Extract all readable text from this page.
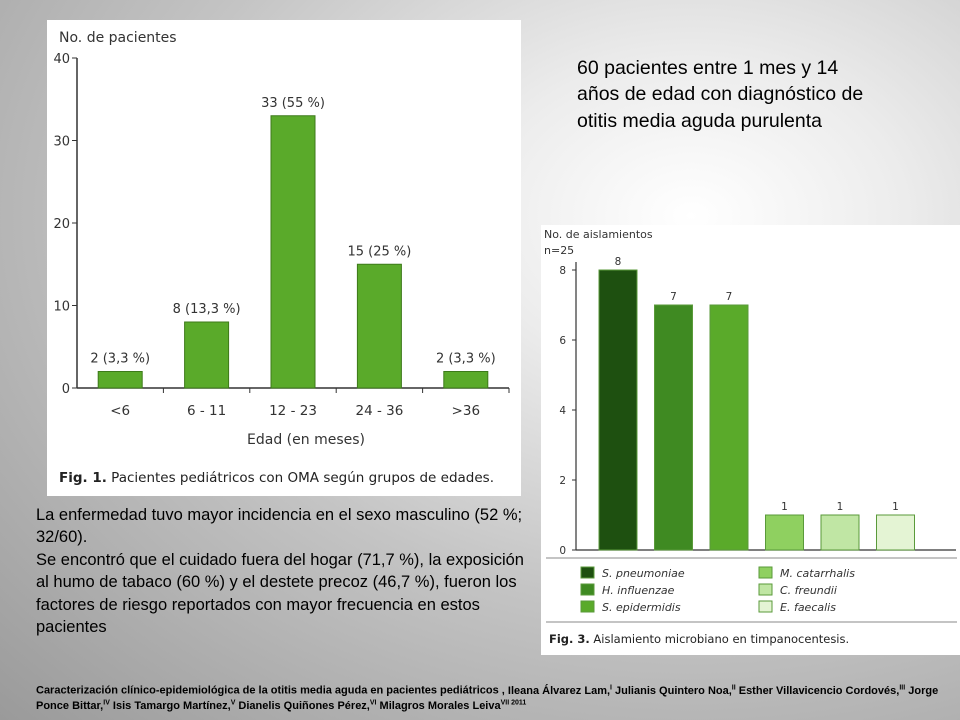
No. de pacientes
Edad (en meses)
Fig. 1. Pacientes pediátricos con OMA según grupos de edades.
0
10
20
30
40
2 (3,3 %)
<6
8 (13,3 %)
6 - 11
33 (55 %)
12 - 23
15 (25 %)
24 - 36
2 (3,3 %)
>36
No. de aislamientos
n=25
Fig. 3. Aislamiento microbiano en timpanocentesis.
0
2
4
6
8
8
7	7
1	1	1
S. pneumoniae
H. influenzae
S. epidermidis
M. catarrhalis
C. freundii
E. faecalis
60 pacientes entre 1 mes y 14 años de edad con diagnóstico de otitis media aguda purulenta

La enfermedad tuvo mayor incidencia en el sexo masculino (52 %; 32/60).

Se encontró que el cuidado fuera del hogar (71,7 %), la exposición al humo de tabaco (60 %) y el destete precoz (46,7 %), fueron los factores de riesgo reportados con mayor frecuencia en estos pacientes

Caracterización clínico-epidemiológica de la otitis media aguda en pacientes pediátricos , Ileana Álvarez Lam,$^I$ Julianis Quintero Noa,$^{II}$ Esther Villavicencio Cordovés,$^{III}$ Jorge Ponce Bittar,$^{IV}$ Isis Tamargo Martínez,$^V$ Dianelis Quiñones Pérez,$^{VI}$ Milagros Morales Leiva$^{VII 2011}$
